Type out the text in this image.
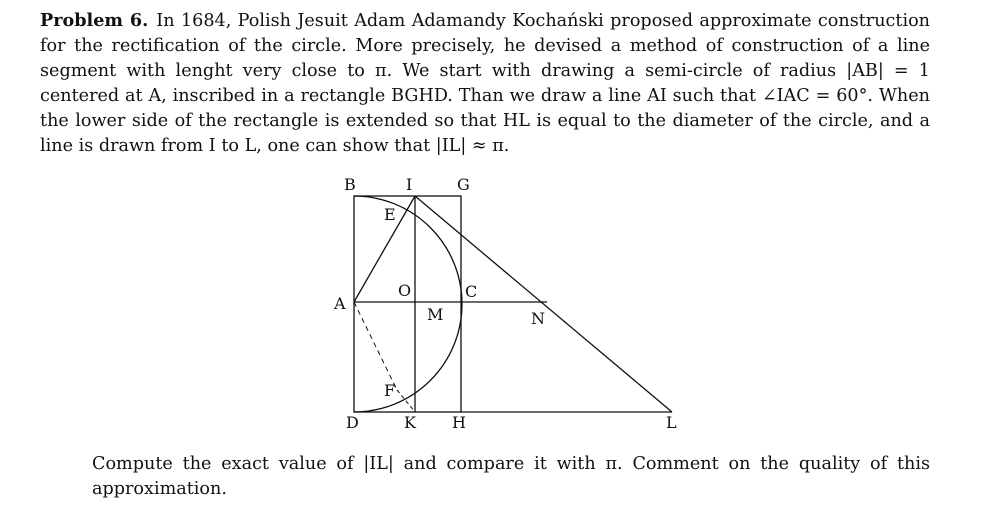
Problem 6. In 1684, Polish Jesuit Adam Adamandy Kochański proposed approximate construction for the rectification of the circle. More precisely, he devised a method of construction of a line segment with lenght very close to π. We start with drawing a semi-circle of radius |AB| = 1 centered at A, inscribed in a rectangle BGHD. Than we draw a line AI such that ∠IAC = 60°. When the lower side of the rectangle is extended so that HL is equal to the diameter of the circle, and a line is drawn from I to L, one can show that |IL| ≈ π.
B	I	G
E
O	C
A
M	N
F
D	K H	L
Compute the exact value of |IL| and compare it with π. Comment on the quality of this approximation.
